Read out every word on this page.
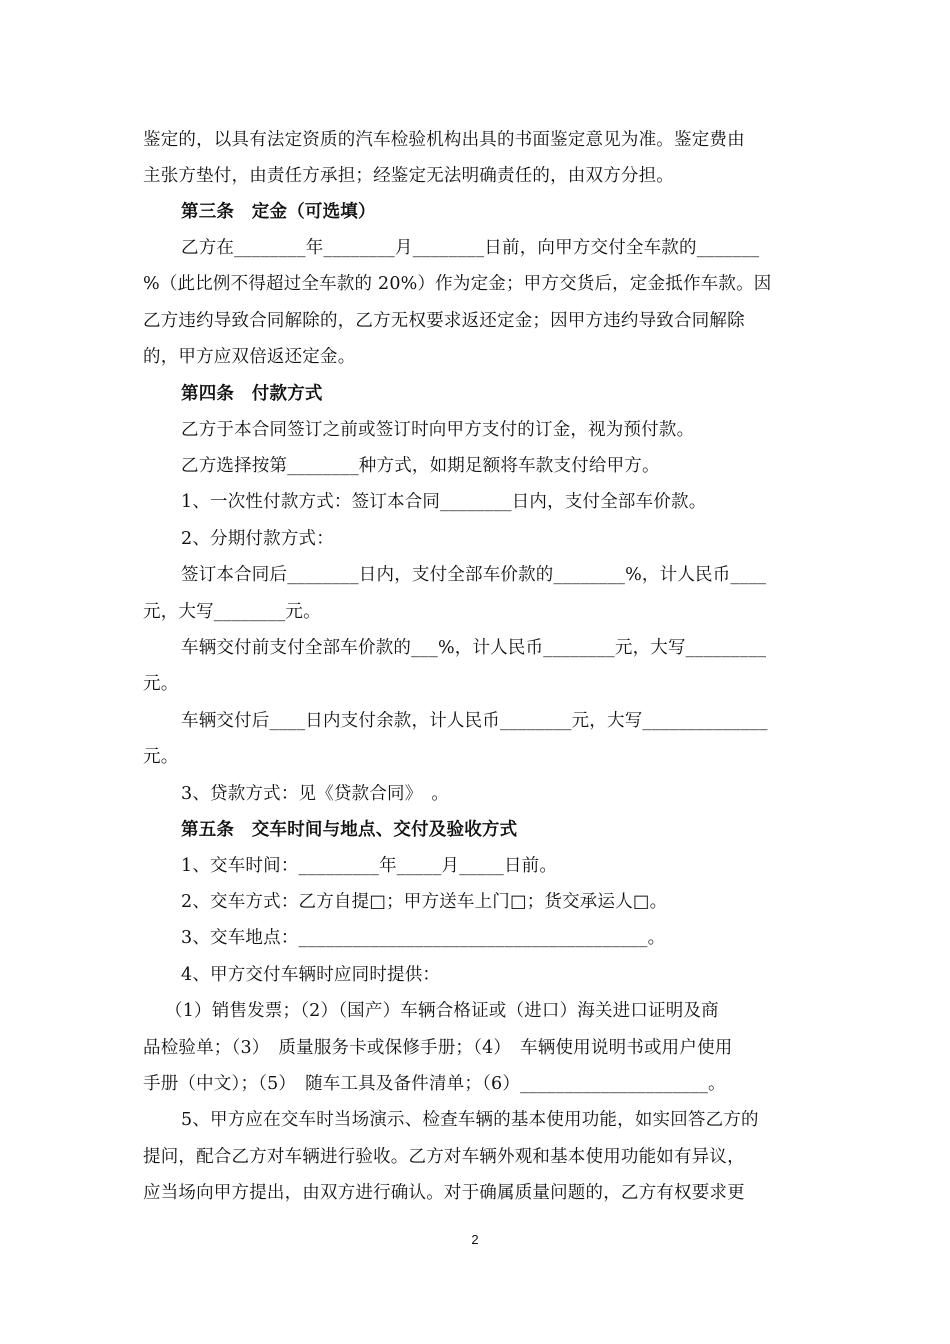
鉴定的，以具有法定资质的汽车检验机构出具的书面鉴定意见为准。鉴定费由
主张方垫付，由责任方承担；经鉴定无法明确责任的，由双方分担。
第三条　定金（可选填）
乙方在________年________月________日前，向甲方交付全车款的_______
%（此比例不得超过全车款的 20%）作为定金；甲方交货后，定金抵作车款。因
乙方违约导致合同解除的，乙方无权要求返还定金；因甲方违约导致合同解除
的，甲方应双倍返还定金。
第四条　付款方式
乙方于本合同签订之前或签订时向甲方支付的订金，视为预付款。
乙方选择按第________种方式，如期足额将车款支付给甲方。
1、一次性付款方式：签订本合同________日内，支付全部车价款。
2、分期付款方式：
签订本合同后________日内，支付全部车价款的________%，计人民币____
元，大写________元。
车辆交付前支付全部车价款的___%，计人民币________元，大写_________
元。
车辆交付后____日内支付余款，计人民币________元，大写______________
元。
3、贷款方式：见《贷款合同》　。
第五条　交车时间与地点、交付及验收方式
1、交车时间：_________年_____月_____日前。
2、交车方式：乙方自提□；甲方送车上门□；货交承运人□。
3、交车地点：_______________________________________。
4、甲方交付车辆时应同时提供：
（1）销售发票；（2）（国产）车辆合格证或（进口）海关进口证明及商
品检验单；（3）　质量服务卡或保修手册；（4）　车辆使用说明书或用户使用
手册（中文）；（5）　随车工具及备件清单；（6）_____________________。
5、甲方应在交车时当场演示、检查车辆的基本使用功能，如实回答乙方的
提问，配合乙方对车辆进行验收。乙方对车辆外观和基本使用功能如有异议，
应当场向甲方提出，由双方进行确认。对于确属质量问题的，乙方有权要求更
2
